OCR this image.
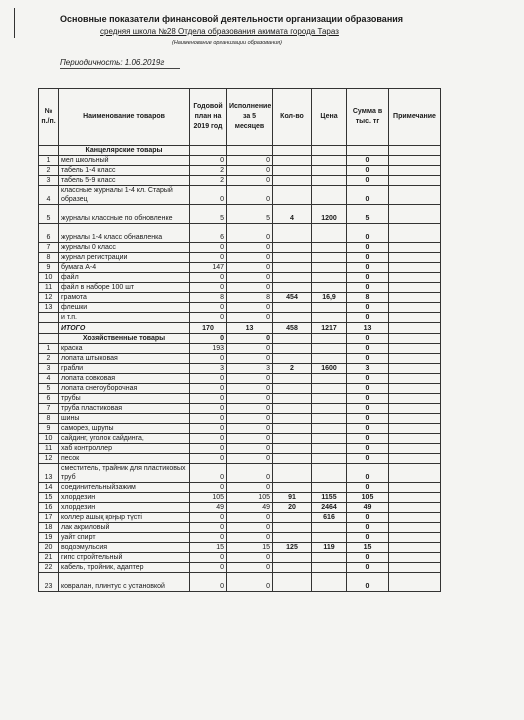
Основные показатели финансовой деятельности организации образования
средняя школа №28 Отдела образования акимата города Тараз
(Наименование организации образования)
Периодичность: 1.06.2019г
№ п./п.	Наименование товаров	Годовой план на 2019 год	Исполнение за 5 месяцев	Кол-во	Цена	Сумма в тыс. тг	Примечание
	Канцелярские товары						
1	мел школьный	0	0			0	
2	табель 1-4 класс	2	0			0	
3	табель 5-9 класс	2	0			0	
4	классные журналы 1-4 кл. Старый образец	0	0			0	
5	журналы классные по обновленке	5	5	4	1200	5	
6	журналы 1-4 класс обнавленка	6	0			0	
7	журналы 0 класс	0	0			0	
8	журнал регистрации	0	0			0	
9	бумага А-4	147	0			0	
10	файл	0	0			0	
11	файл в наборе 100 шт	0	0			0	
12	грамота	8	8	454	16,9	8	
13	флешки	0	0			0	
	и т.п.	0	0			0	
	ИТОГО	170	13	458	1217	13	
	Хозяйственные товары	0	0			0	
1	краска	193	0			0	
2	лопата штыковая	0	0			0	
3	грабли	3	3	2	1600	3	
4	лопата совковая	0	0			0	
5	лопата снегоуборочная	0	0			0	
6	трубы	0	0			0	
7	труба пластиковая	0	0			0	
8	шины	0	0			0	
9	саморез, шрупы	0	0			0	
10	сайдинг, уголок сайдинга,	0	0			0	
11	хаб контроллер	0	0			0	
12	песок	0	0			0	
13	сместитель, трайник для пластиковых труб	0	0			0	
14	соединительныйзажим	0	0			0	
15	хлордезин	105	105	91	1155	105	
16	хлордезин	49	49	20	2464	49	
17	коллер ашық қоңыр түсті	0	0		616	0	
18	лак акриловый	0	0			0	
19	уайт спирт	0	0			0	
20	водоэмульсия	15	15	125	119	15	
21	гипс стройтельный	0	0			0	
22	кабель, тройник, адаптер	0	0			0	
23	ковралан, плинтус с установкой	0	0			0	
